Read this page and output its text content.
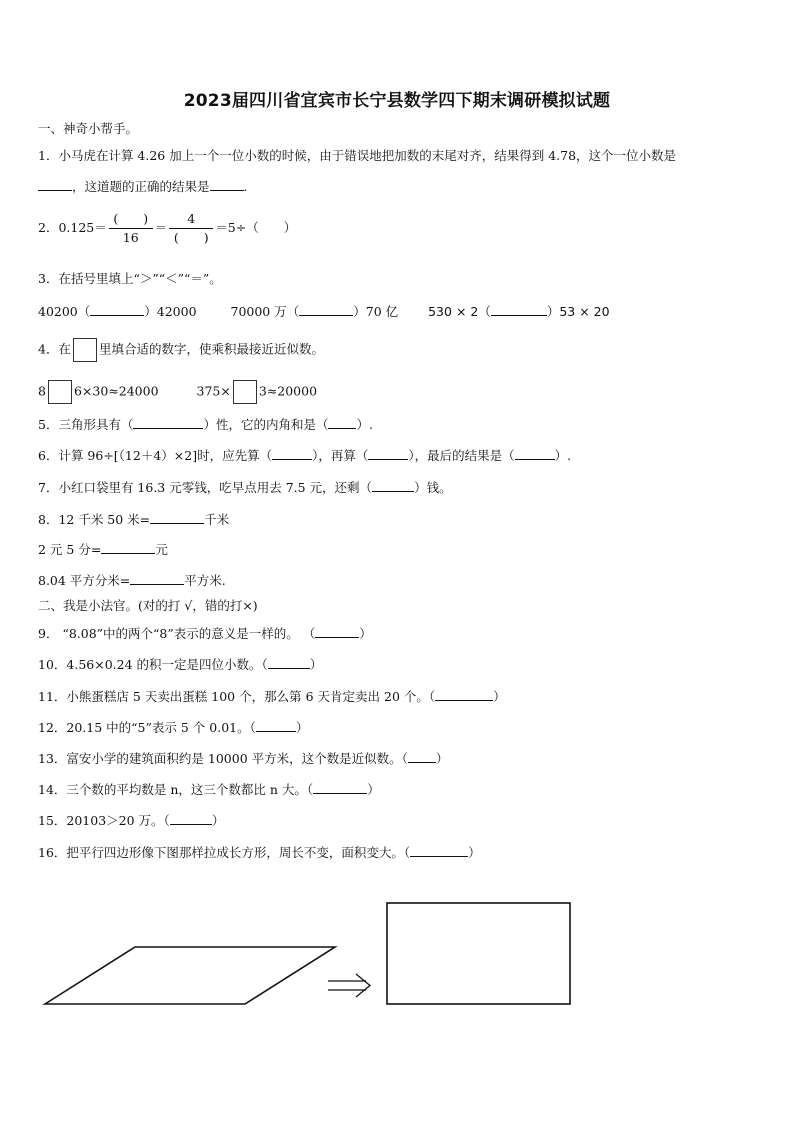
2023届四川省宜宾市长宁县数学四下期末调研模拟试题
一、神奇小帮手。
1．小马虎在计算 4.26 加上一个一位小数的时候，由于错误地把加数的末尾对齐，结果得到 4.78，这个一位小数是
，这道题的正确的结果是	.
2．$0.125= \frac{( )}{16} = \frac{4}{( )} =5\div$（　　）
3．在括号里填上“＞”“＜”“＝”。
40200（	）42000	70000 万（	）70 亿 530 × 2（	）53 × 20
4．在 里填合适的数字，使乘积最接近近似数。
8 6×30≈24000	375× 3≈20000
5．三角形具有（	）性，它的内角和是（ ）.
6．计算 96÷[（12＋4）×2]时，应先算（	），再算（	），最后的结果是（	）.
7．小红口袋里有 16.3 元零钱，吃早点用去 7.5 元，还剩（	）钱。
8．12 千米 50 米=	千米
2 元 5 分=	元
8.04 平方分米=	平方米.
二、我是小法官。(对的打 √，错的打×)
9． “8.08”中的两个“8”表示的意义是一样的。 （	）
10．4.56×0.24 的积一定是四位小数。（	）
11．小熊蛋糕店 5 天卖出蛋糕 100 个，那么第 6 天肯定卖出 20 个。（	）
12．20.15 中的“5”表示 5 个 0.01。（	）
13．富安小学的建筑面积约是 10000 平方米，这个数是近似数。（ ）
14．三个数的平均数是 n，这三个数都比 n 大。（	）
15．20103＞20 万。（	）
16．把平行四边形像下图那样拉成长方形，周长不变，面积变大。（	）
